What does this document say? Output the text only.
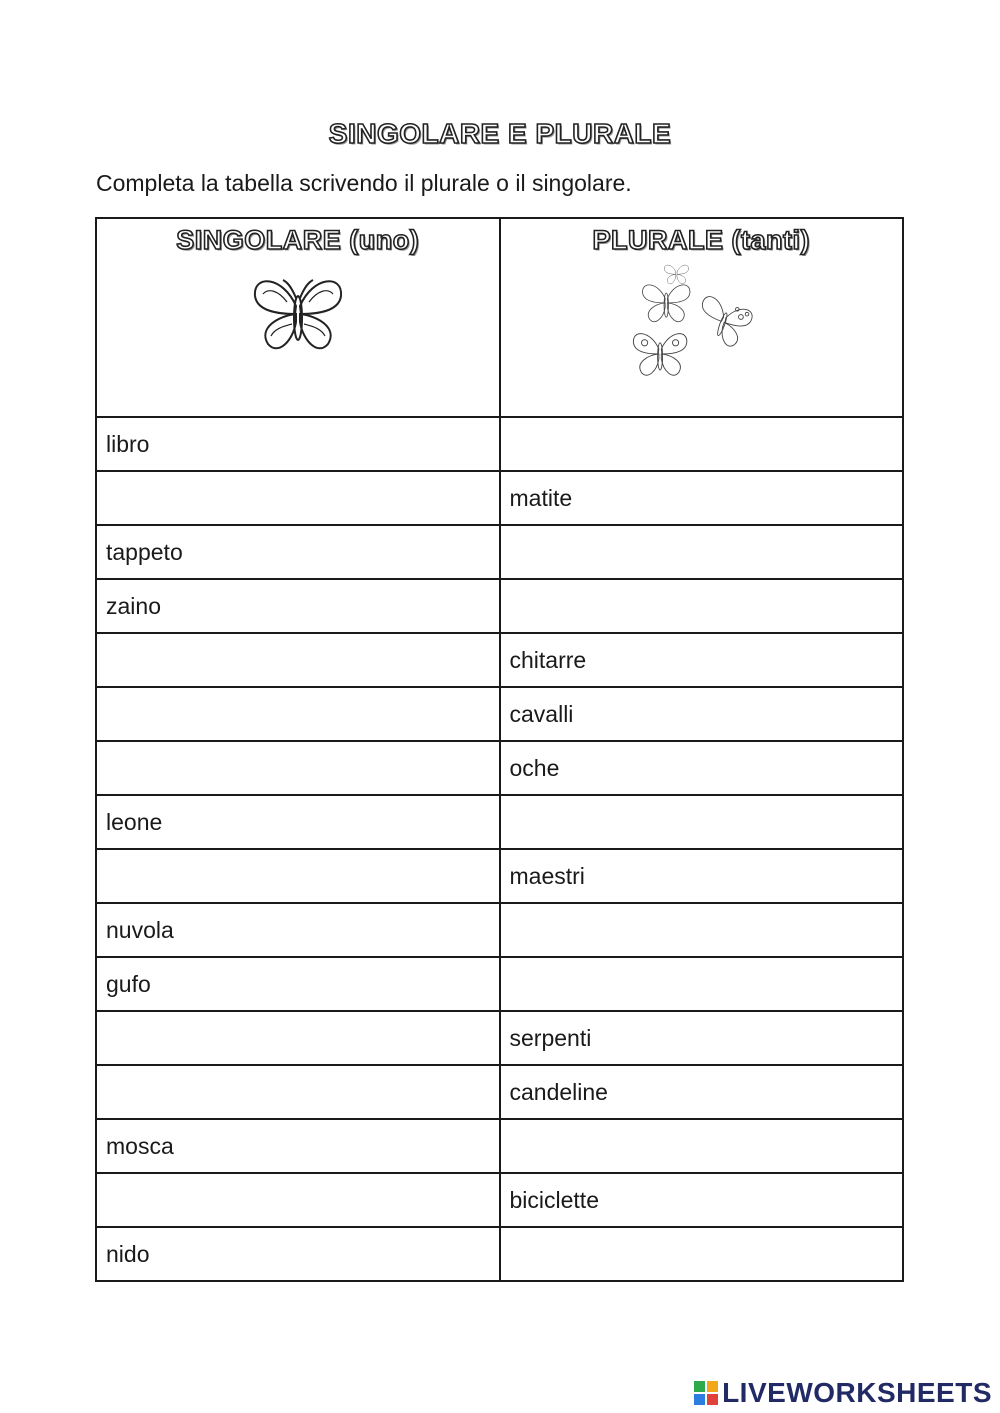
SINGOLARE E PLURALE
Completa la tabella scrivendo il plurale o il singolare.
SINGOLARE (uno)	PLURALE (tanti)

libro	
	matite
tappeto	
zaino	
	chitarre
	cavalli
	oche
leone	
	maestri
nuvola	
gufo	
	serpenti
	candeline
mosca	
	biciclette
nido	
LIVEWORKSHEETS
